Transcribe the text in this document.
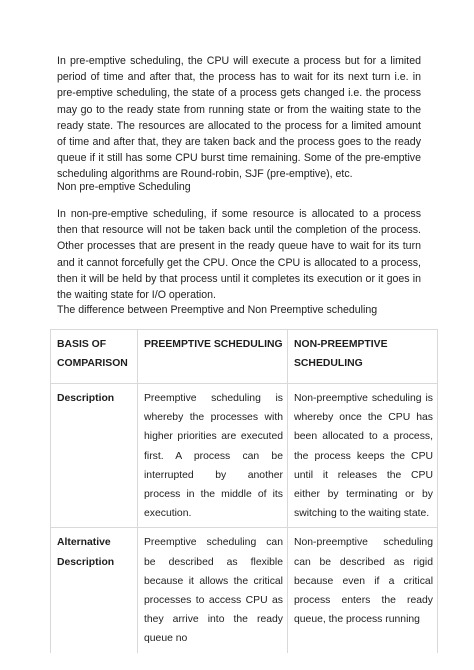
In pre-emptive scheduling, the CPU will execute a process but for a limited period of time and after that, the process has to wait for its next turn i.e. in pre-emptive scheduling, the state of a process gets changed i.e. the process may go to the ready state from running state or from the waiting state to the ready state. The resources are allocated to the process for a limited amount of time and after that, they are taken back and the process goes to the ready queue if it still has some CPU burst time remaining. Some of the pre-emptive scheduling algorithms are Round-robin, SJF (pre-emptive), etc.

Non pre-emptive Scheduling

In non-pre-emptive scheduling, if some resource is allocated to a process then that resource will not be taken back until the completion of the process. Other processes that are present in the ready queue have to wait for its turn and it cannot forcefully get the CPU. Once the CPU is allocated to a process, then it will be held by that process until it completes its execution or it goes in the waiting state for I/O operation.

The difference between Preemptive and Non Preemptive scheduling

BASIS OF COMPARISON	PREEMPTIVE SCHEDULING	NON-PREEMPTIVE SCHEDULING
Description	Preemptive scheduling is whereby the processes with higher priorities are executed first. A process can be interrupted by another process in the middle of its execution.	Non-preemptive scheduling is whereby once the CPU has been allocated to a process, the process keeps the CPU until it releases the CPU either by terminating or by switching to the waiting state.
Alternative Description	Preemptive scheduling can be described as flexible because it allows the critical processes to access CPU as they arrive into the ready queue no	Non-preemptive scheduling can be described as rigid because even if a critical process enters the ready queue, the process running
